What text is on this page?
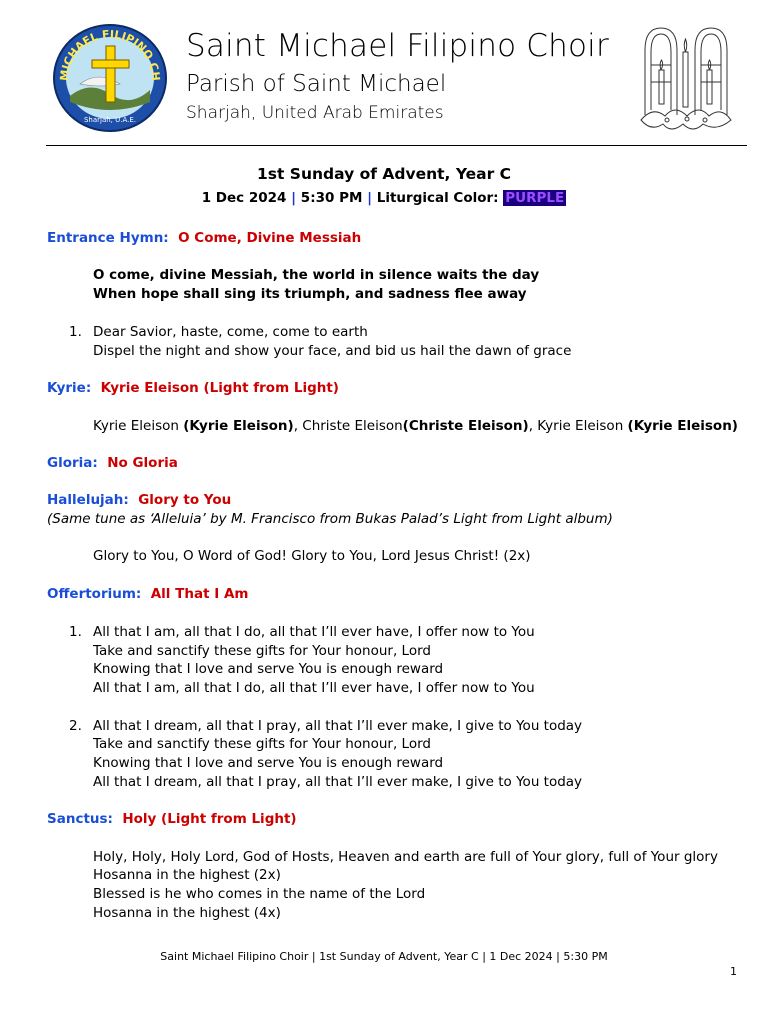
MICHAEL FILIPINO CH
Sharjah, U.A.E.
Saint Michael Filipino Choir
Parish of Saint Michael
Sharjah, United Arab Emirates
1st Sunday of Advent, Year C
1 Dec 2024 | 5:30 PM | Liturgical Color: PURPLE
Entrance Hymn: O Come, Divine Messiah
O come, divine Messiah, the world in silence waits the day
When hope shall sing its triumph, and sadness flee away
1. Dear Savior, haste, come, come to earth
Dispel the night and show your face, and bid us hail the dawn of grace
Kyrie: Kyrie Eleison (Light from Light)
Kyrie Eleison (Kyrie Eleison), Christe Eleison(Christe Eleison), Kyrie Eleison (Kyrie Eleison)
Gloria: No Gloria
Hallelujah: Glory to You
(Same tune as ‘Alleluia’ by M. Francisco from Bukas Palad’s Light from Light album)
Glory to You, O Word of God! Glory to You, Lord Jesus Christ! (2x)
Offertorium: All That I Am
1. All that I am, all that I do, all that I’ll ever have, I offer now to You
Take and sanctify these gifts for Your honour, Lord
Knowing that I love and serve You is enough reward
All that I am, all that I do, all that I’ll ever have, I offer now to You
2. All that I dream, all that I pray, all that I’ll ever make, I give to You today
Take and sanctify these gifts for Your honour, Lord
Knowing that I love and serve You is enough reward
All that I dream, all that I pray, all that I’ll ever make, I give to You today
Sanctus: Holy (Light from Light)
Holy, Holy, Holy Lord, God of Hosts, Heaven and earth are full of Your glory, full of Your glory
Hosanna in the highest (2x)
Blessed is he who comes in the name of the Lord
Hosanna in the highest (4x)
Saint Michael Filipino Choir | 1st Sunday of Advent, Year C | 1 Dec 2024 | 5:30 PM
1
